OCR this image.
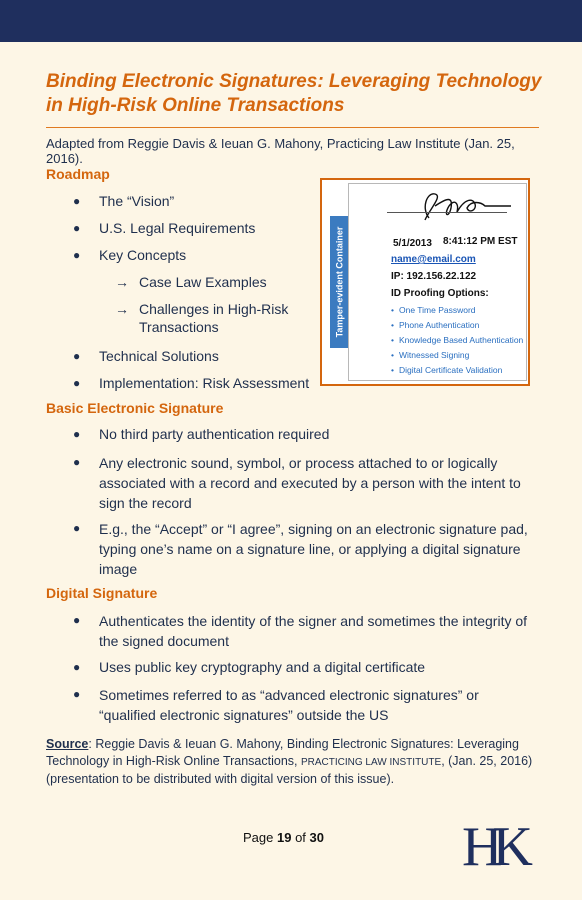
Binding Electronic Signatures: Leveraging Technology in High-Risk Online Transactions

Adapted from Reggie Davis & Ieuan G. Mahony, Practicing Law Institute (Jan. 25, 2016).

Roadmap
● The “Vision”
● U.S. Legal Requirements
● Key Concepts
→ Case Law Examples
→ Challenges in High-Risk Transactions
● Technical Solutions
● Implementation: Risk Assessment
Tamper-evident Container	5/1/2013 8:41:12 PM EST
name@email.com
IP: 192.156.22.122
ID Proofing Options:
• One Time Password
• Phone Authentication
• Knowledge Based Authentication
• Witnessed Signing
• Digital Certificate Validation
Basic Electronic Signature
● No third party authentication required
● Any electronic sound, symbol, or process attached to or logically associated with a record and executed by a person with the intent to sign the record
● E.g., the “Accept” or “I agree”, signing on an electronic signature pad, typing one’s name on a signature line, or applying a digital signature image
Digital Signature
● Authenticates the identity of the signer and sometimes the integrity of the signed document
● Uses public key cryptography and a digital certificate
● Sometimes referred to as “advanced electronic signatures” or “qualified electronic signatures” outside the US

Source: Reggie Davis & Ieuan G. Mahony, Binding Electronic Signatures: Leveraging Technology in High-Risk Online Transactions, PRACTICING LAW INSTITUTE, (Jan. 25, 2016) (presentation to be distributed with digital version of this issue).

Page 19 of 30 HK
